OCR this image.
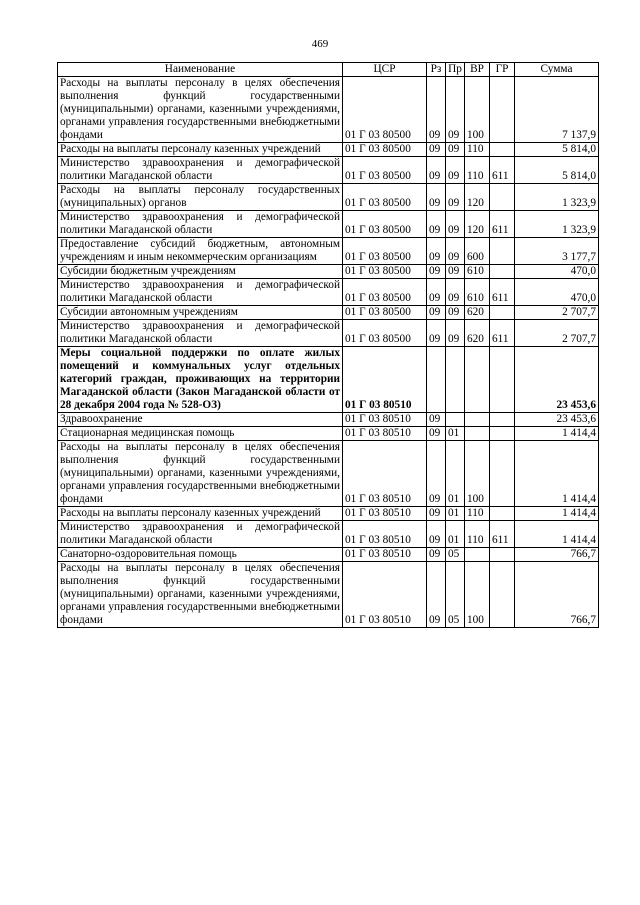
469
Наименование	ЦСР	Рз	Пр	ВР	ГР	Сумма
Расходы на выплаты персоналу в целях обеспечения выполнения функций государственными (муниципальными) органами, казенными учреждениями, органами управления государственными внебюджетными фондами	01 Г 03 80500	09	09	100		7 137,9
Расходы на выплаты персоналу казенных учреждений	01 Г 03 80500	09	09	110		5 814,0
Министерство здравоохранения и демографической политики Магаданской области	01 Г 03 80500	09	09	110	611	5 814,0
Расходы на выплаты персоналу государственных (муниципальных) органов	01 Г 03 80500	09	09	120		1 323,9
Министерство здравоохранения и демографической политики Магаданской области	01 Г 03 80500	09	09	120	611	1 323,9
Предоставление субсидий бюджетным, автономным учреждениям и иным некоммерческим организациям	01 Г 03 80500	09	09	600		3 177,7
Субсидии бюджетным учреждениям	01 Г 03 80500	09	09	610		470,0
Министерство здравоохранения и демографической политики Магаданской области	01 Г 03 80500	09	09	610	611	470,0
Субсидии автономным учреждениям	01 Г 03 80500	09	09	620		2 707,7
Министерство здравоохранения и демографической политики Магаданской области	01 Г 03 80500	09	09	620	611	2 707,7
Меры социальной поддержки по оплате жилых помещений и коммунальных услуг отдельных категорий граждан, проживающих на территории Магаданской области (Закон Магаданской области от 28 декабря 2004 года № 528-ОЗ)	01 Г 03 80510					23 453,6
Здравоохранение	01 Г 03 80510	09				23 453,6
Стационарная медицинская помощь	01 Г 03 80510	09	01			1 414,4
Расходы на выплаты персоналу в целях обеспечения выполнения функций государственными (муниципальными) органами, казенными учреждениями, органами управления государственными внебюджетными фондами	01 Г 03 80510	09	01	100		1 414,4
Расходы на выплаты персоналу казенных учреждений	01 Г 03 80510	09	01	110		1 414,4
Министерство здравоохранения и демографической политики Магаданской области	01 Г 03 80510	09	01	110	611	1 414,4
Санаторно-оздоровительная помощь	01 Г 03 80510	09	05			766,7
Расходы на выплаты персоналу в целях обеспечения выполнения функций государственными (муниципальными) органами, казенными учреждениями, органами управления государственными внебюджетными фондами	01 Г 03 80510	09	05	100		766,7
